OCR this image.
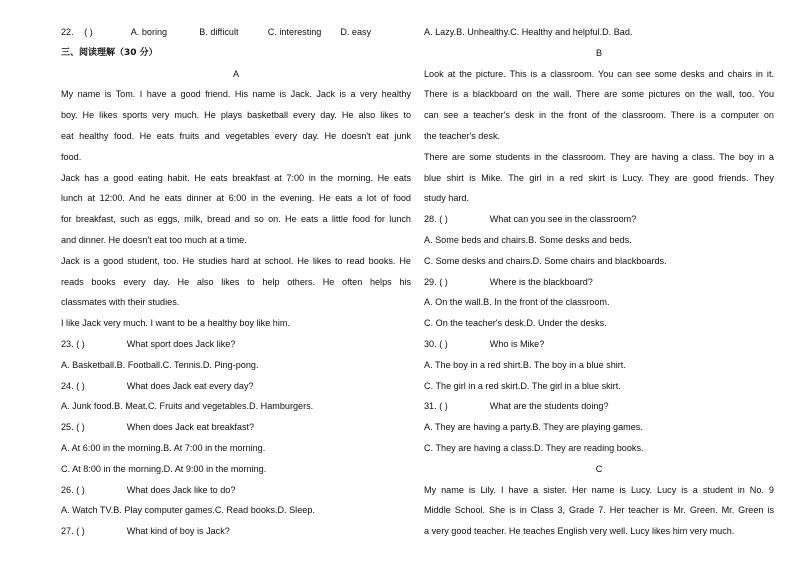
22. ( )	A. boring	B. difficult	C. interesting D. easy
三、阅读理解（30 分）
A
My name is Tom. I have a good friend. His name is Jack. Jack is a very healthy
boy. He likes sports very much. He plays basketball every day. He also likes to
eat healthy food. He eats fruits and vegetables every day. He doesn't eat junk
food.
Jack has a good eating habit. He eats breakfast at 7:00 in the morning. He eats
lunch at 12:00. And he eats dinner at 6:00 in the evening. He eats a lot of food
for breakfast, such as eggs, milk, bread and so on. He eats a little food for lunch
and dinner. He doesn't eat too much at a time.
Jack is a good student, too. He studies hard at school. He likes to read books. He
reads books every day. He also likes to help others. He often helps his
classmates with their studies.
I like Jack very much. I want to be a healthy boy like him.
23. ( )	What sport does Jack like?
A. Basketball.B. Football.C. Tennis.D. Ping-pong.
24. ( )	What does Jack eat every day?
A. Junk food.B. Meat.C. Fruits and vegetables.D. Hamburgers.
25. ( )	When does Jack eat breakfast?
A. At 6:00 in the morning.B. At 7:00 in the morning.
C. At 8:00 in the morning.D. At 9:00 in the morning.
26. ( )	What does Jack like to do?
A. Watch TV.B. Play computer games.C. Read books.D. Sleep.
27. ( )	What kind of boy is Jack?
A. Lazy.B. Unhealthy.C. Healthy and helpful.D. Bad.
B
Look at the picture. This is a classroom. You can see some desks and chairs in it.
There is a blackboard on the wall. There are some pictures on the wall, too. You
can see a teacher's desk in the front of the classroom. There is a computer on
the teacher's desk.
There are some students in the classroom. They are having a class. The boy in a
blue shirt is Mike. The girl in a red skirt is Lucy. They are good friends. They
study hard.
28. ( )	What can you see in the classroom?
A. Some beds and chairs.B. Some desks and beds.
C. Some desks and chairs.D. Some chairs and blackboards.
29. ( )	Where is the blackboard?
A. On the wall.B. In the front of the classroom.
C. On the teacher's desk.D. Under the desks.
30. ( )	Who is Mike?
A. The boy in a red shirt.B. The boy in a blue shirt.
C. The girl in a red skirt.D. The girl in a blue skirt.
31. ( )	What are the students doing?
A. They are having a party.B. They are playing games.
C. They are having a class.D. They are reading books.
C
My name is Lily. I have a sister. Her name is Lucy. Lucy is a student in No. 9
Middle School. She is in Class 3, Grade 7. Her teacher is Mr. Green. Mr. Green is
a very good teacher. He teaches English very well. Lucy likes him very much.
